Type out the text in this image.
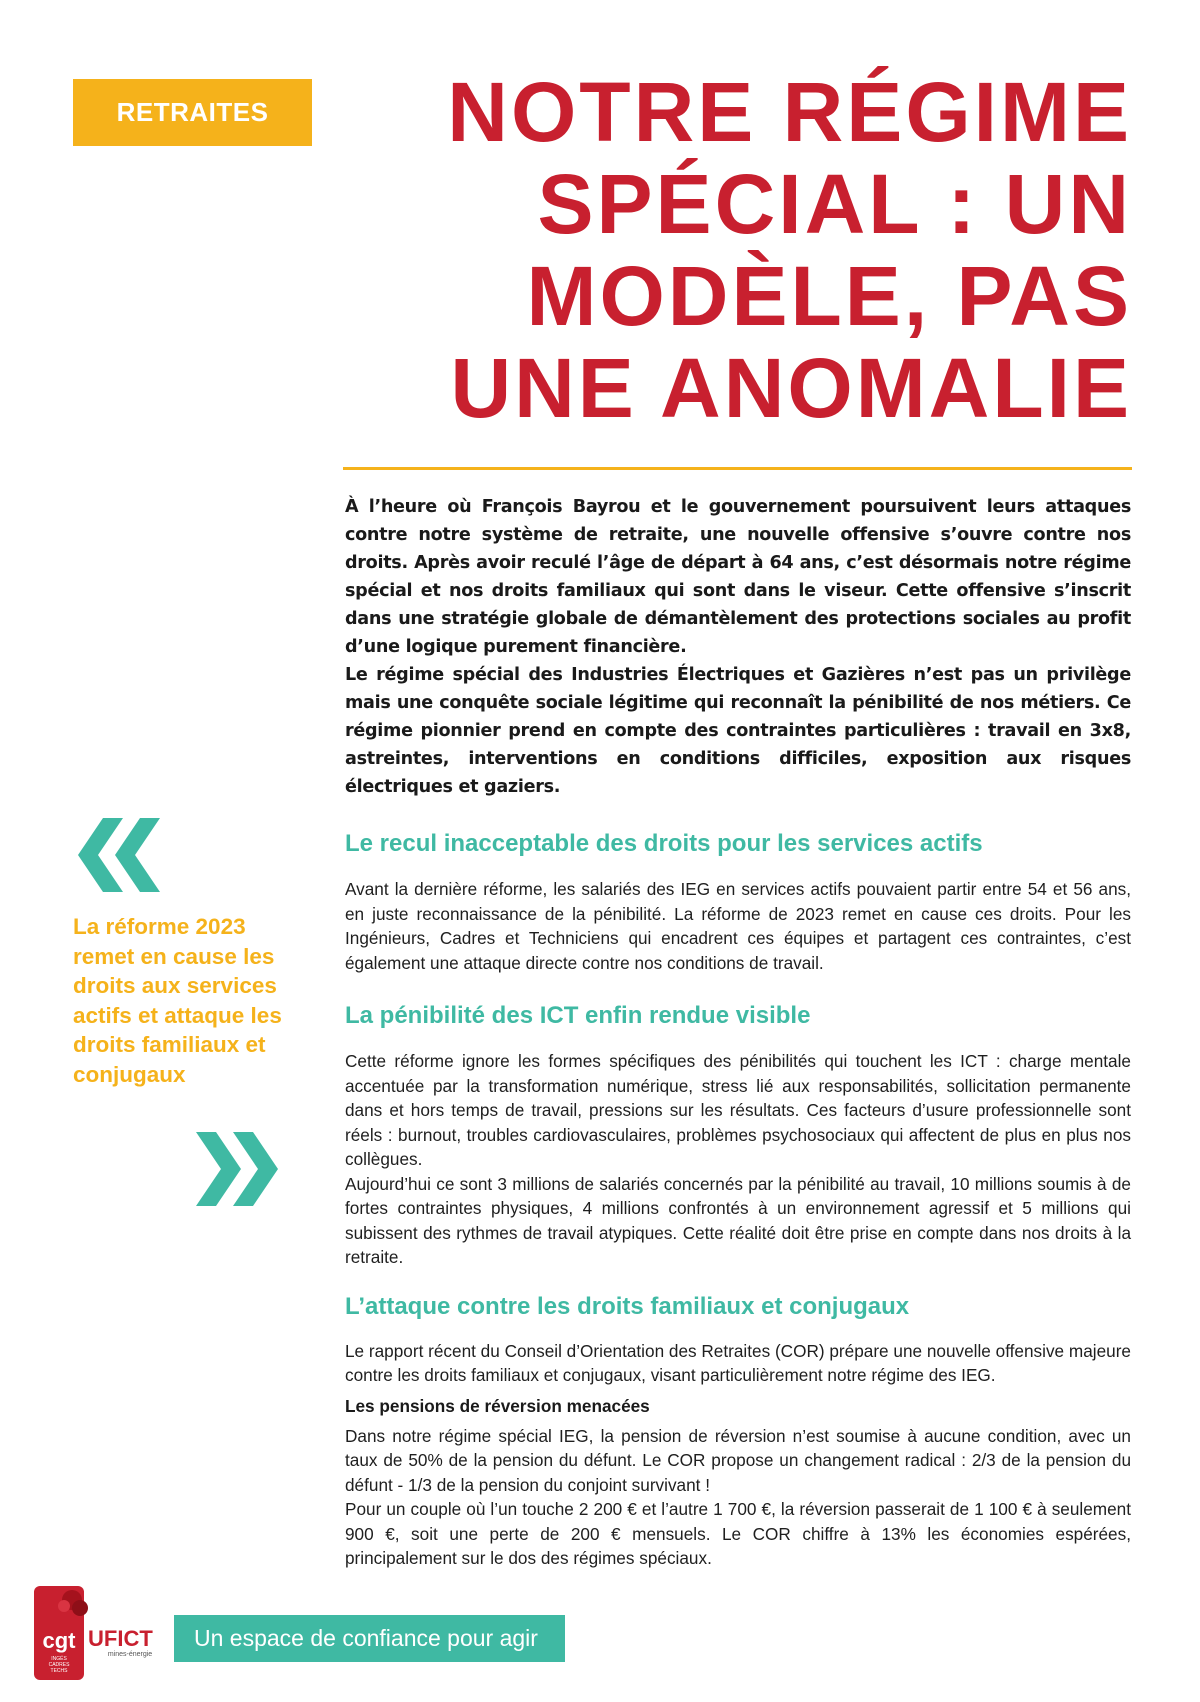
RETRAITES	NOTRE RÉGIME
SPÉCIAL : UN
MODÈLE, PAS
UNE ANOMALIE

À l’heure où François Bayrou et le gouvernement poursuivent leurs attaques contre notre système de retraite, une nouvelle offensive s’ouvre contre nos droits. Après avoir reculé l’âge de départ à 64 ans, c’est désormais notre régime spécial et nos droits familiaux qui sont dans le viseur. Cette offensive s’inscrit dans une stratégie globale de démantèlement des protections sociales au profit d’une logique purement financière.

Le régime spécial des Industries Électriques et Gazières n’est pas un privilège mais une conquête sociale légitime qui reconnaît la pénibilité de nos métiers. Ce régime pionnier prend en compte des contraintes particulières : travail en 3x8, astreintes, interventions en conditions difficiles, exposition aux risques électriques et gaziers.

Le recul inacceptable des droits pour les services actifs

Avant la dernière réforme, les salariés des IEG en services actifs pouvaient partir entre 54 et 56 ans, en juste reconnaissance de la pénibilité. La réforme de 2023 remet en cause ces droits. Pour les Ingénieurs, Cadres et Techniciens qui encadrent ces équipes et partagent ces contraintes, c’est également une attaque directe contre nos conditions de travail.

La pénibilité des ICT enfin rendue visible

Cette réforme ignore les formes spécifiques des pénibilités qui touchent les ICT : charge mentale accentuée par la transformation numérique, stress lié aux responsabilités, sollicitation permanente dans et hors temps de travail, pressions sur les résultats. Ces facteurs d’usure professionnelle sont réels : burnout, troubles cardiovasculaires, problèmes psychosociaux qui affectent de plus en plus nos collègues.

Aujourd’hui ce sont 3 millions de salariés concernés par la pénibilité au travail, 10 millions soumis à de fortes contraintes physiques, 4 millions confrontés à un environnement agressif et 5 millions qui subissent des rythmes de travail atypiques. Cette réalité doit être prise en compte dans nos droits à la retraite.

L’attaque contre les droits familiaux et conjugaux

Le rapport récent du Conseil d’Orientation des Retraites (COR) prépare une nouvelle offensive majeure contre les droits familiaux et conjugaux, visant particulièrement notre régime des IEG.

Les pensions de réversion menacées

Dans notre régime spécial IEG, la pension de réversion n’est soumise à aucune condition, avec un taux de 50% de la pension du défunt. Le COR propose un changement radical : 2/3 de la pension du défunt - 1/3 de la pension du conjoint survivant !

Pour un couple où l’un touche 2 200 € et l’autre 1 700 €, la réversion passerait de 1 100 € à seulement 900 €, soit une perte de 200 € mensuels. Le COR chiffre à 13% les économies espérées, principalement sur le dos des régimes spéciaux.

La réforme 2023 remet en cause les droits aux services actifs et attaque les droits familiaux et conjugaux

cgt
INGÉS
CADRES
TECHS
UFICT
mines-énergie
Un espace de confiance pour agir
